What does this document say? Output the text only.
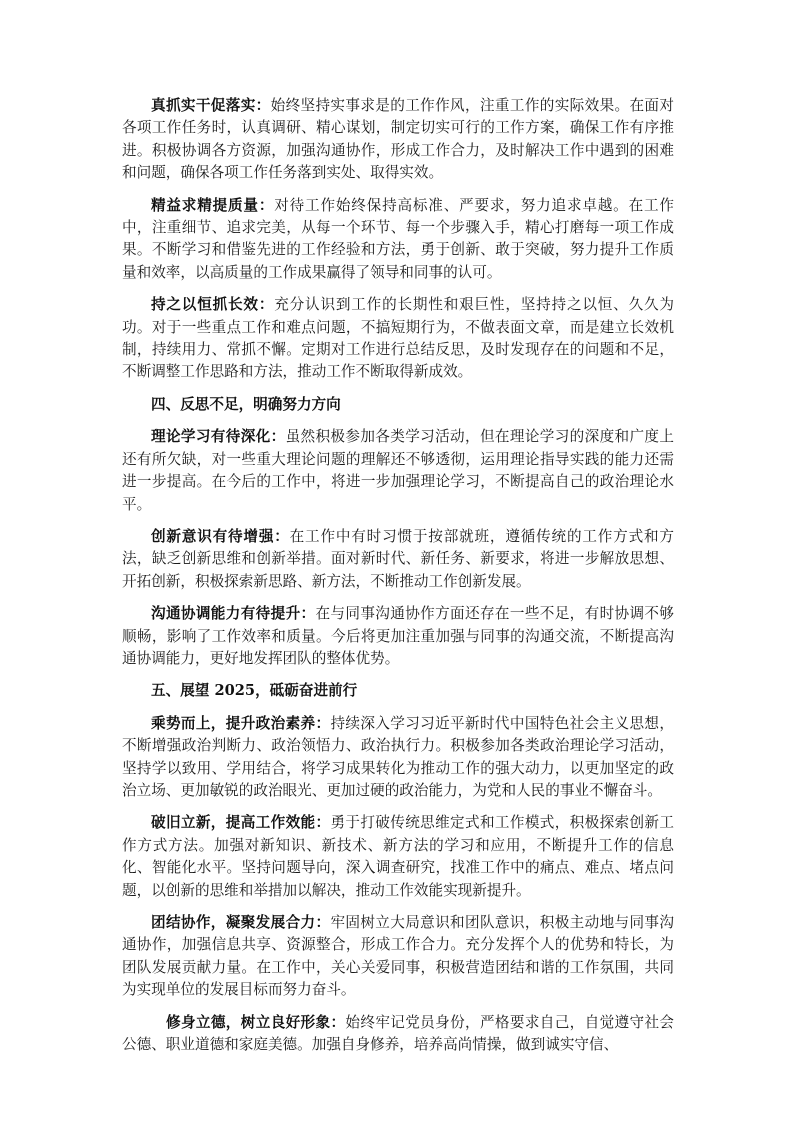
真抓实干促落实：始终坚持实事求是的工作作风，注重工作的实际效果。在面对各项工作任务时，认真调研、精心谋划，制定切实可行的工作方案，确保工作有序推进。积极协调各方资源，加强沟通协作，形成工作合力，及时解决工作中遇到的困难和问题，确保各项工作任务落到实处、取得实效。

精益求精提质量：对待工作始终保持高标准、严要求，努力追求卓越。在工作中，注重细节、追求完美，从每一个环节、每一个步骤入手，精心打磨每一项工作成果。不断学习和借鉴先进的工作经验和方法，勇于创新、敢于突破，努力提升工作质量和效率，以高质量的工作成果赢得了领导和同事的认可。

持之以恒抓长效：充分认识到工作的长期性和艰巨性，坚持持之以恒、久久为功。对于一些重点工作和难点问题，不搞短期行为，不做表面文章，而是建立长效机制，持续用力、常抓不懈。定期对工作进行总结反思，及时发现存在的问题和不足，不断调整工作思路和方法，推动工作不断取得新成效。

四、反思不足，明确努力方向

理论学习有待深化：虽然积极参加各类学习活动，但在理论学习的深度和广度上还有所欠缺，对一些重大理论问题的理解还不够透彻，运用理论指导实践的能力还需进一步提高。在今后的工作中，将进一步加强理论学习，不断提高自己的政治理论水平。

创新意识有待增强：在工作中有时习惯于按部就班，遵循传统的工作方式和方法，缺乏创新思维和创新举措。面对新时代、新任务、新要求，将进一步解放思想、开拓创新，积极探索新思路、新方法，不断推动工作创新发展。

沟通协调能力有待提升：在与同事沟通协作方面还存在一些不足，有时协调不够顺畅，影响了工作效率和质量。今后将更加注重加强与同事的沟通交流，不断提高沟通协调能力，更好地发挥团队的整体优势。

五、展望 2025，砥砺奋进前行

乘势而上，提升政治素养：持续深入学习习近平新时代中国特色社会主义思想，不断增强政治判断力、政治领悟力、政治执行力。积极参加各类政治理论学习活动，坚持学以致用、学用结合，将学习成果转化为推动工作的强大动力，以更加坚定的政治立场、更加敏锐的政治眼光、更加过硬的政治能力，为党和人民的事业不懈奋斗。

破旧立新，提高工作效能：勇于打破传统思维定式和工作模式，积极探索创新工作方式方法。加强对新知识、新技术、新方法的学习和应用，不断提升工作的信息化、智能化水平。坚持问题导向，深入调查研究，找准工作中的痛点、难点、堵点问题，以创新的思维和举措加以解决，推动工作效能实现新提升。

团结协作，凝聚发展合力：牢固树立大局意识和团队意识，积极主动地与同事沟通协作，加强信息共享、资源整合，形成工作合力。充分发挥个人的优势和特长，为团队发展贡献力量。在工作中，关心关爱同事，积极营造团结和谐的工作氛围，共同为实现单位的发展目标而努力奋斗。

修身立德，树立良好形象：始终牢记党员身份，严格要求自己，自觉遵守社会公德、职业道德和家庭美德。加强自身修养，培养高尚情操，做到诚实守信、
